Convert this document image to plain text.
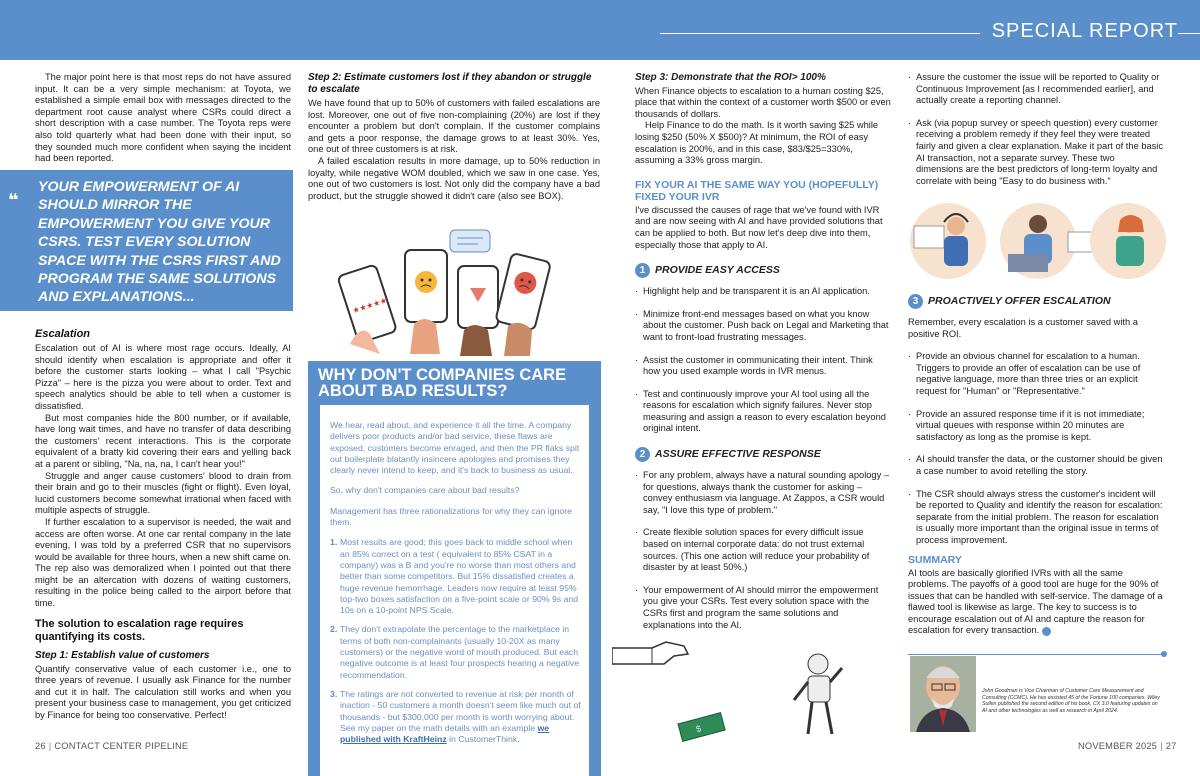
SPECIAL REPORT

The major point here is that most reps do not have assured input. It can be a very simple mechanism: at Toyota, we established a simple email box with messages directed to the department root cause analyst where CSRs could direct a short description with a case number. The Toyota reps were also told quarterly what had been done with their input, so they sounded much more confident when saying the incident had been reported.

❝
YOUR EMPOWERMENT OF AI SHOULD MIRROR THE EMPOWERMENT YOU GIVE YOUR CSRS. TEST EVERY SOLUTION SPACE WITH THE CSRS FIRST AND PROGRAM THE SAME SOLUTIONS AND EXPLANATIONS...
Escalation

Escalation out of AI is where most rage occurs. Ideally, AI should identify when escalation is appropriate and offer it before the customer starts looking – what I call "Psychic Pizza" – here is the pizza you were about to order. Text and speech analytics should be able to tell when a customer is dissatisfied.

But most companies hide the 800 number, or if available, have long wait times, and have no transfer of data describing the customers' recent interactions. This is the corporate equivalent of a bratty kid covering their ears and yelling back at a parent or sibling, "Na, na, na, I can't hear you!"

Struggle and anger cause customers' blood to drain from their brain and go to their muscles (fight or flight). Even loyal, lucid customers become somewhat irrational when faced with multiple aspects of struggle.

If further escalation to a supervisor is needed, the wait and access are often worse. At one car rental company in the late evening, I was told by a preferred CSR that no supervisors would be available for three hours, when a new shift came on. The rep also was demoralized when I pointed out that there might be an altercation with dozens of waiting customers, resulting in the police being called to the airport before that time.

The solution to escalation rage requires quantifying its costs.
Step 1: Establish value of customers

Quantify conservative value of each customer i.e., one to three years of revenue. I usually ask Finance for the number and cut it in half. The calculation still works and when you present your business case to management, you get criticized by Finance for being too conservative. Perfect!

Step 2: Estimate customers lost if they abandon or struggle to escalate

We have found that up to 50% of customers with failed escalations are lost. Moreover, one out of five non-complaining (20%) are lost if they encounter a problem but don't complain. If the customer complains and gets a poor response, the damage grows to at least 30%. Yes, one out of three customers is at risk.

A failed escalation results in more damage, up to 50% reduction in loyalty, while negative WOM doubled, which we saw in one case. Yes, one out of two customers is lost. Not only did the company have a bad product, but the struggle showed it didn't care (also see BOX).

★★★★★
WHY DON'T COMPANIES CARE ABOUT BAD RESULTS?

We hear, read about, and experience it all the time. A company delivers poor products and/or bad service, these flaws are exposed, customers become enraged, and then the PR flaks spit out boilerplate blatantly insincere apologies and promises they clearly never intend to keep, and it's back to business as usual.

So, why don't companies care about bad results?

Management has three rationalizations for why they can ignore them.

1. Most results are good; this goes back to middle school when an 85% correct on a test ( equivalent to 85% CSAT in a company) was a B and you're no worse than most others and better than some competitors. But 15% dissatisfied creates a huge revenue hemorrhage. Leaders now require at least 95% top-two boxes satisfaction on a five-point scale or 90% 9s and 10s on a 10-point NPS Scale.
2. They don't extrapolate the percentage to the marketplace in terms of both non-complainants (usually 10-20X as many customers) or the negative word of mouth produced. But each negative outcome is at least four prospects hearing a negative recommendation.
3. The ratings are not converted to revenue at risk per month of inaction - 50 customers a month doesn't seem like much out of thousands - but $300,000 per month is worth worrying about. See my paper on the math details with an example we published with KraftHeinz in CustomerThink.
Step 3: Demonstrate that the ROI> 100%

When Finance objects to escalation to a human costing $25, place that within the context of a customer worth $500 or even thousands of dollars.

Help Finance to do the math. Is it worth saving $25 while losing $250 (50% X $500)? At minimum, the ROI of easy escalation is 200%, and in this case, $83/$25=330%, assuming a 33% gross margin.

FIX YOUR AI THE SAME WAY YOU (HOPEFULLY) FIXED YOUR IVR

I've discussed the causes of rage that we've found with IVR and are now seeing with AI and have provided solutions that can be applied to both. But now let's deep dive into them, especially those that apply to AI.

1 PROVIDE EASY ACCESS
· Highlight help and be transparent it is an AI application.
· Minimize front-end messages based on what you know about the customer. Push back on Legal and Marketing that want to front-load frustrating messages.
· Assist the customer in communicating their intent. Think how you used example words in IVR menus.
· Test and continuously improve your AI tool using all the reasons for escalation which signify failures. Never stop measuring and assign a reason to every escalation beyond original intent.
2 ASSURE EFFECTIVE RESPONSE
· For any problem, always have a natural sounding apology – for questions, always thank the customer for asking – convey enthusiasm via language. At Zappos, a CSR would say, "I love this type of problem."
· Create flexible solution spaces for every difficult issue based on internal corporate data: do not trust external sources. (This one action will reduce your probability of disaster by at least 50%.)
· Your empowerment of AI should mirror the empowerment you give your CSRs. Test every solution space with the CSRs first and program the same solutions and explanations into the AI.
$
· Assure the customer the issue will be reported to Quality or Continuous Improvement [as I recommended earlier], and actually create a reporting channel.
· Ask (via popup survey or speech question) every customer receiving a problem remedy if they feel they were treated fairly and given a clear explanation. Make it part of the basic AI transaction, not a separate survey. These two dimensions are the best predictors of long-term loyalty and correlate with being "Easy to do business with."
3 PROACTIVELY OFFER ESCALATION

Remember, every escalation is a customer saved with a positive ROI.

· Provide an obvious channel for escalation to a human. Triggers to provide an offer of escalation can be use of negative language, more than three tries or an explicit request for "Human" or "Representative."
· Provide an assured response time if it is not immediate; virtual queues with response within 20 minutes are satisfactory as long as the promise is kept.
· AI should transfer the data, or the customer should be given a case number to avoid retelling the story.
· The CSR should always stress the customer's incident will be reported to Quality and identify the reason for escalation: separate from the initial problem. The reason for escalation is usually more important than the original issue in terms of process improvement.
SUMMARY

AI tools are basically glorified IVRs with all the same problems. The payoffs of a good tool are huge for the 90% of issues that can be handled with self-service. The damage of a flawed tool is likewise as large. The key to success is to encourage escalation out of AI and capture the reason for escalation for every transaction.

John Goodman is Vice Chairman of Customer Care Measurement and Consulting (CCMC). He has assisted 45 of the Fortune 100 companies. Wiley Sullen published the second edition of his book, CX 3.0 featuring updates on AI and other technologies as well as research in April 2024.
26 | CONTACT CENTER PIPELINE	NOVEMBER 2025 | 27
